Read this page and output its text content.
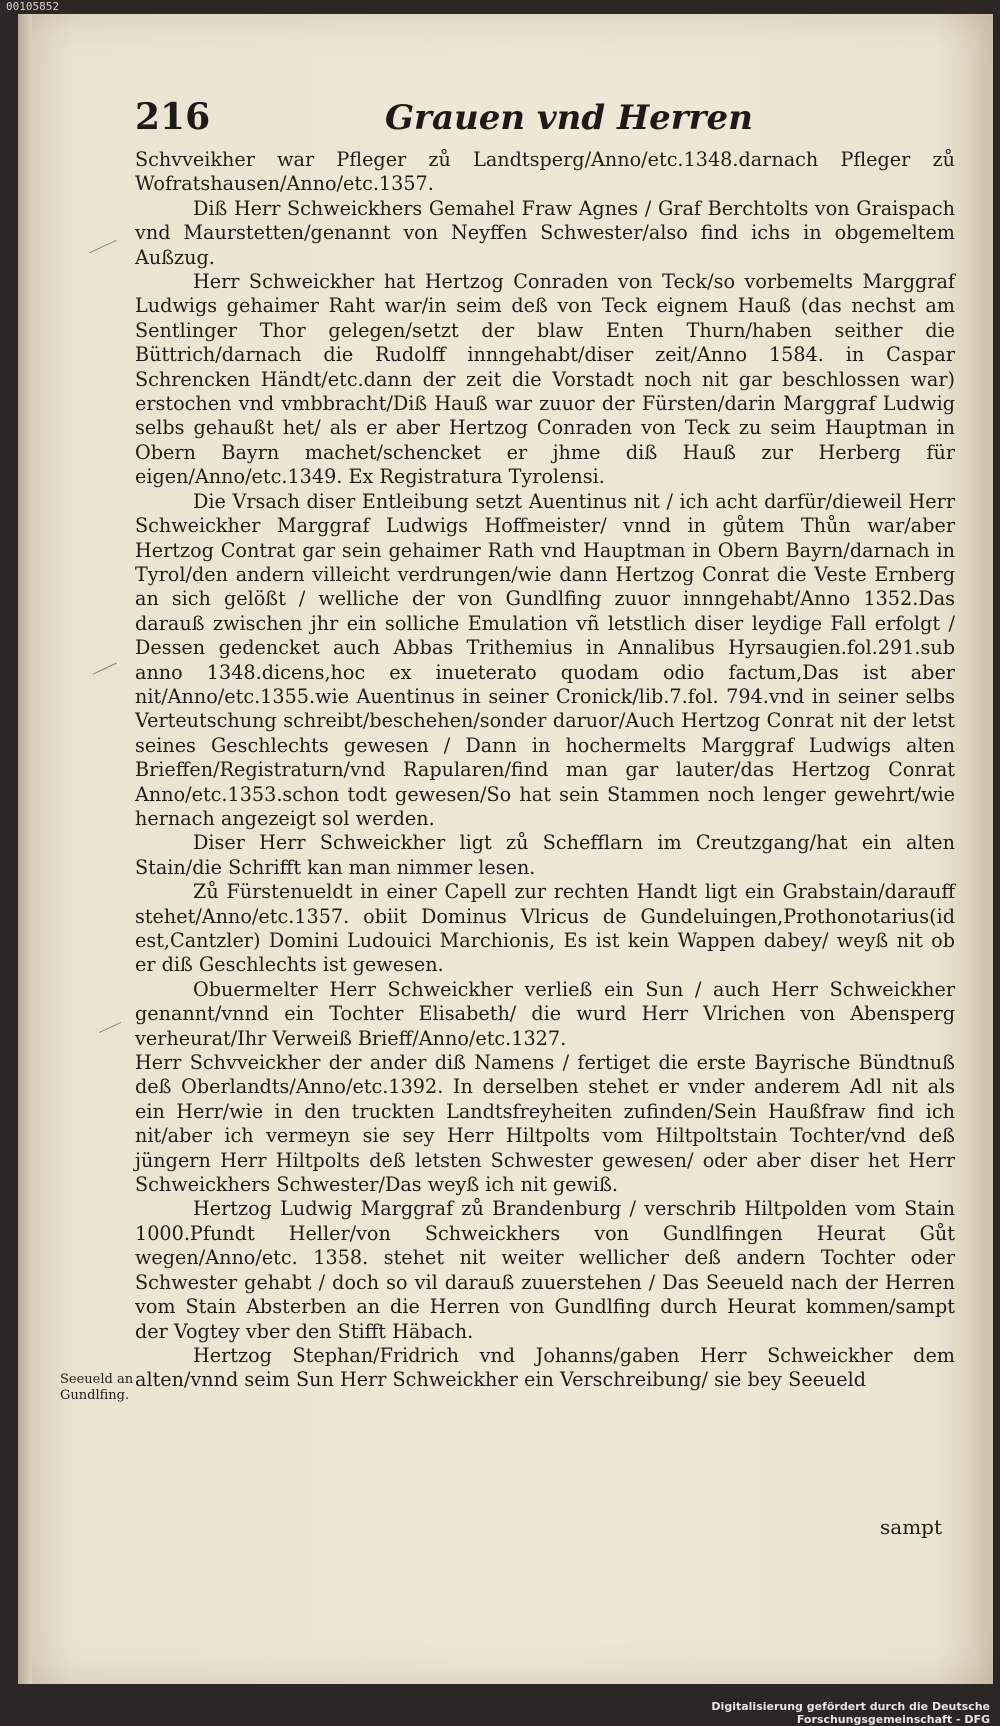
00105852
216	Grauen vnd Herren

Schvveikher war Pfleger zů Landtsperg/Anno/etc.1348.darnach Pfleger zů Wofratshausen/Anno/etc.1357.

Diß Herr Schweickhers Gemahel Fraw Agnes / Graf Berchtolts von Graispach vnd Maurstetten/genannt von Neyffen Schwester/also find ichs in obgemeltem Außzug.

Herr Schweickher hat Hertzog Conraden von Teck/so vorbemelts Marggraf Ludwigs gehaimer Raht war/in seim deß von Teck eignem Hauß (das nechst am Sentlinger Thor gelegen/setzt der blaw Enten Thurn/haben seither die Büttrich/darnach die Rudolff innngehabt/diser zeit/Anno 1584. in Caspar Schrencken Händt/etc.dann der zeit die Vorstadt noch nit gar beschlossen war) erstochen vnd vmbbracht/Diß Hauß war zuuor der Fürsten/darin Marggraf Ludwig selbs gehaußt het/ als er aber Hertzog Conraden von Teck zu seim Hauptman in Obern Bayrn machet/schencket er jhme diß Hauß zur Herberg für eigen/Anno/etc.1349. Ex Registratura Tyrolensi.

Die Vrsach diser Entleibung setzt Auentinus nit / ich acht darfür/dieweil Herr Schweickher Marggraf Ludwigs Hoffmeister/ vnnd in gůtem Thůn war/aber Hertzog Contrat gar sein gehaimer Rath vnd Hauptman in Obern Bayrn/darnach in Tyrol/den andern villeicht verdrungen/wie dann Hertzog Conrat die Veste Ernberg an sich gelößt / welliche der von Gundlfing zuuor innngehabt/Anno 1352.Das darauß zwischen jhr ein solliche Emulation vñ letstlich diser leydige Fall erfolgt / Dessen gedencket auch Abbas Trithemius in Annalibus Hyrsaugien.fol.291.sub anno 1348.dicens,hoc ex inueterato quodam odio factum,Das ist aber nit/Anno/etc.1355.wie Auentinus in seiner Cronick/lib.7.fol. 794.vnd in seiner selbs Verteutschung schreibt/beschehen/sonder daruor/Auch Hertzog Conrat nit der letst seines Geschlechts gewesen / Dann in hochermelts Marggraf Ludwigs alten Brieffen/Registraturn/vnd Rapularen/find man gar lauter/das Hertzog Conrat Anno/etc.1353.schon todt gewesen/So hat sein Stammen noch lenger gewehrt/wie hernach angezeigt sol werden.

Diser Herr Schweickher ligt zů Schefflarn im Creutzgang/hat ein alten Stain/die Schrifft kan man nimmer lesen.

Zů Fürstenueldt in einer Capell zur rechten Handt ligt ein Grabstain/darauff stehet/Anno/etc.1357. obiit Dominus Vlricus de Gundeluingen,Prothonotarius(id est,Cantzler) Domini Ludouici Marchionis, Es ist kein Wappen dabey/ weyß nit ob er diß Geschlechts ist gewesen.

Obuermelter Herr Schweickher verließ ein Sun / auch Herr Schweickher genannt/vnnd ein Tochter Elisabeth/ die wurd Herr Vlrichen von Abensperg verheurat/Ihr Verweiß Brieff/Anno/etc.1327.

Herr Schvveickher der ander diß Namens / fertiget die erste Bayrische Bündtnuß deß Oberlandts/Anno/etc.1392. In derselben stehet er vnder anderem Adl nit als ein Herr/wie in den truckten Landtsfreyheiten zufinden/Sein Haußfraw find ich nit/aber ich vermeyn sie sey Herr Hiltpolts vom Hiltpoltstain Tochter/vnd deß jüngern Herr Hiltpolts deß letsten Schwester gewesen/ oder aber diser het Herr Schweickhers Schwester/Das weyß ich nit gewiß.

Hertzog Ludwig Marggraf zů Brandenburg / verschrib Hiltpolden vom Stain 1000.Pfundt Heller/von Schweickhers von Gundlfingen Heurat Gůt wegen/Anno/etc. 1358. stehet nit weiter wellicher deß andern Tochter oder Schwester gehabt / doch so vil darauß zuuerstehen / Das Seeueld nach der Herren vom Stain Absterben an die Herren von Gundlfing durch Heurat kommen/sampt der Vogtey vber den Stifft Häbach.

Hertzog Stephan/Fridrich vnd Johanns/gaben Herr Schweickher dem alten/vnnd seim Sun Herr Schweickher ein Verschreibung/ sie bey Seeueld

Seeueld an Gundlfing.
sampt
Digitalisierung gefördert durch die Deutsche Forschungsgemeinschaft - DFG
